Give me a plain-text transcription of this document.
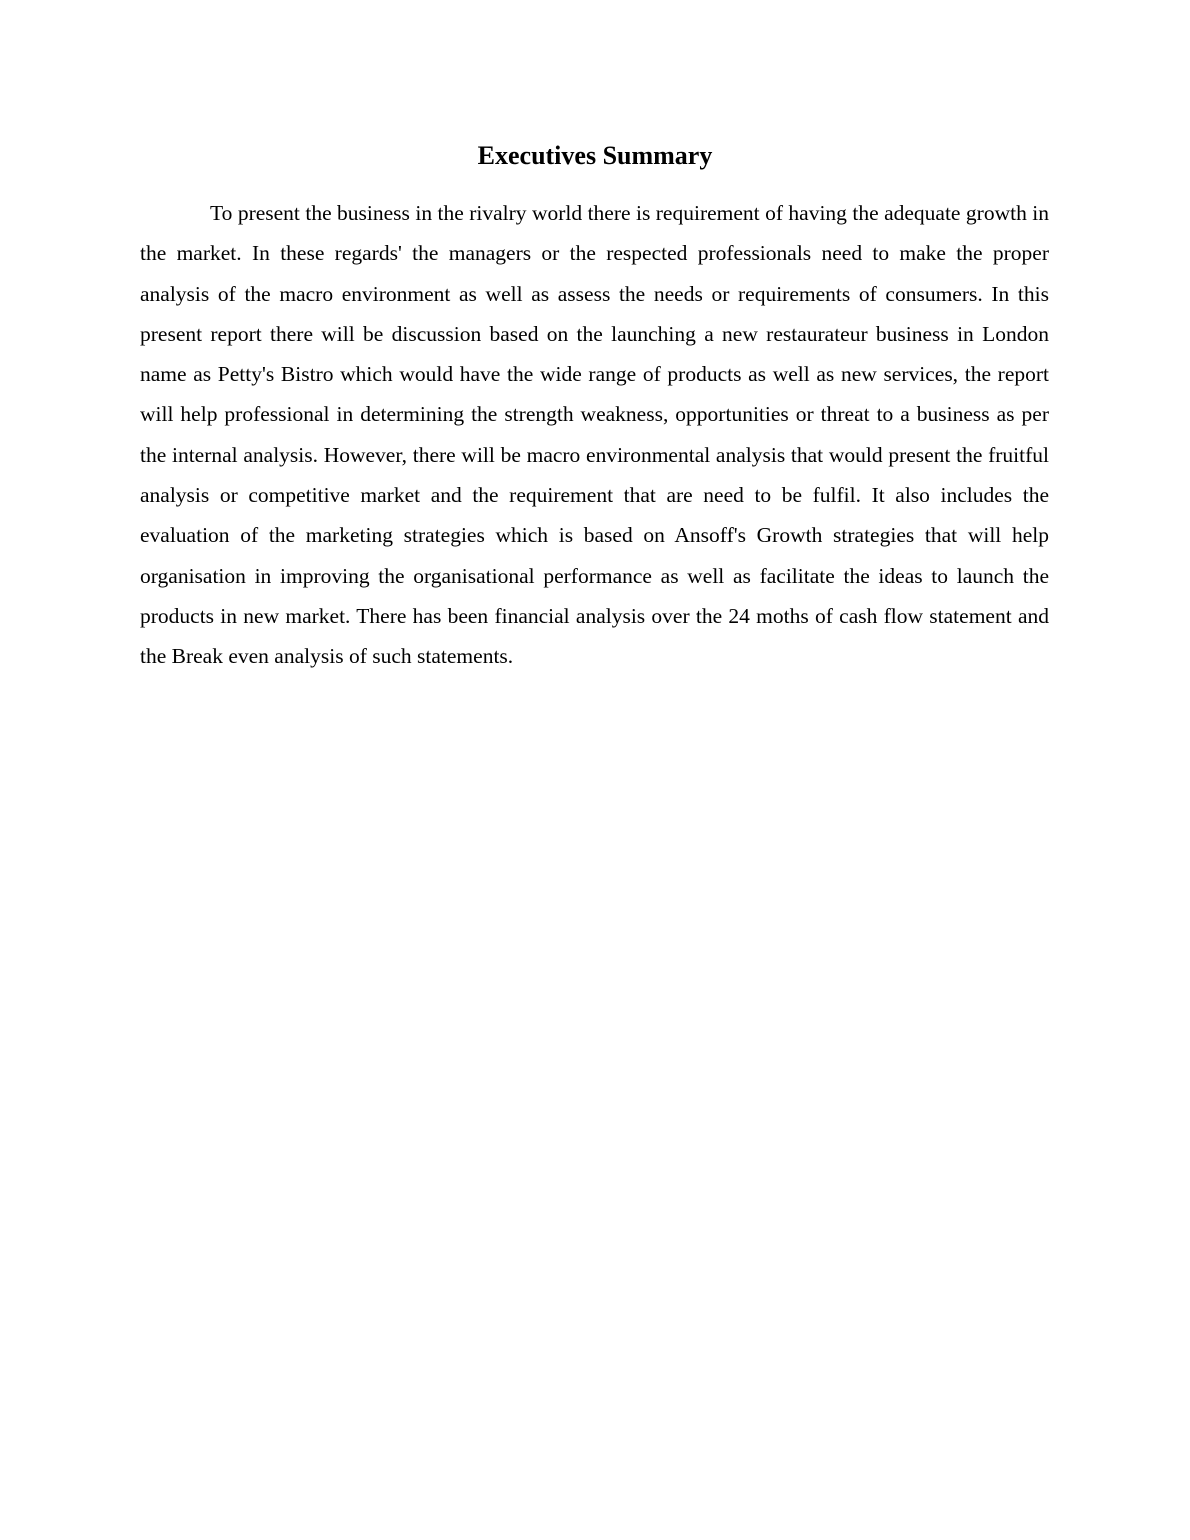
Executives Summary

To present the business in the rivalry world there is requirement of having the adequate growth in the market. In these regards' the managers or the respected professionals need to make the proper analysis of the macro environment as well as assess the needs or requirements of consumers. In this present report there will be discussion based on the launching a new restaurateur business in London name as Petty's Bistro which would have the wide range of products as well as new services, the report will help professional in determining the strength weakness, opportunities or threat to a business as per the internal analysis. However, there will be macro environmental analysis that would present the fruitful analysis or competitive market and the requirement that are need to be fulfil. It also includes the evaluation of the marketing strategies which is based on Ansoff's Growth strategies that will help organisation in improving the organisational performance as well as facilitate the ideas to launch the products in new market. There has been financial analysis over the 24 moths of cash flow statement and the Break even analysis of such statements.
